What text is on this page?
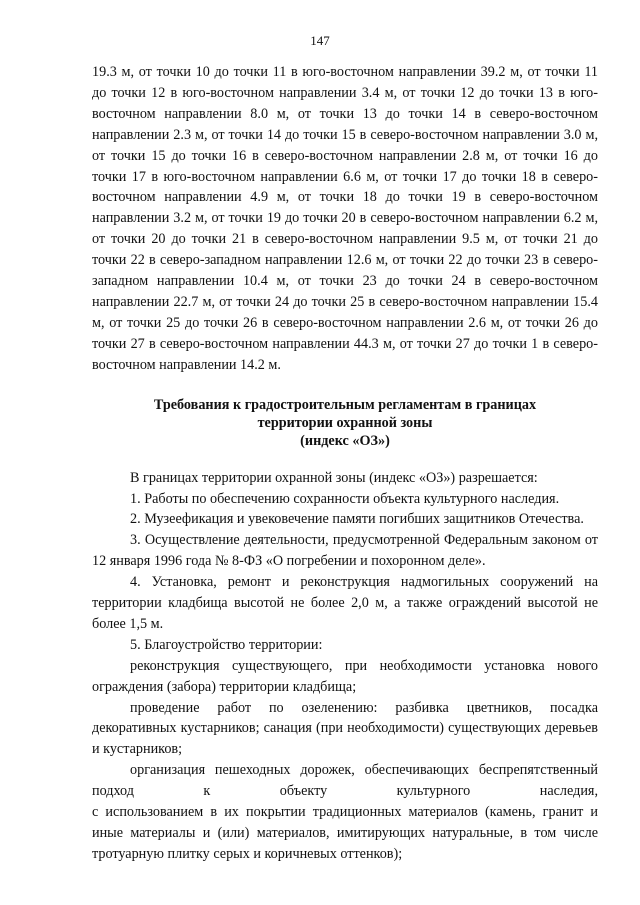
147

19.3 м, от точки 10 до точки 11 в юго-восточном направлении 39.2 м, от точки 11 до точки 12 в юго-восточном направлении 3.4 м, от точки 12 до точки 13 в юго-восточном направлении 8.0 м, от точки 13 до точки 14 в северо-восточном направлении 2.3 м, от точки 14 до точки 15 в северо-восточном направлении 3.0 м, от точки 15 до точки 16 в северо-восточном направлении 2.8 м, от точки 16 до точки 17 в юго-восточном направлении 6.6 м, от точки 17 до точки 18 в северо-восточном направлении 4.9 м, от точки 18 до точки 19 в северо-восточном направлении 3.2 м, от точки 19 до точки 20 в северо-восточном направлении 6.2 м, от точки 20 до точки 21 в северо-восточном направлении 9.5 м, от точки 21 до точки 22 в северо-западном направлении 12.6 м, от точки 22 до точки 23 в северо-западном направлении 10.4 м, от точки 23 до точки 24 в северо-восточном направлении 22.7 м, от точки 24 до точки 25 в северо-восточном направлении 15.4 м, от точки 25 до точки 26 в северо-восточном направлении 2.6 м, от точки 26 до точки 27 в северо-восточном направлении 44.3 м, от точки 27 до точки 1 в северо-восточном направлении 14.2 м.

Требования к градостроительным регламентам в границах
территории охранной зоны
(индекс «ОЗ»)

В границах территории охранной зоны (индекс «ОЗ») разрешается:

1. Работы по обеспечению сохранности объекта культурного наследия.

2. Музеефикация и увековечение памяти погибших защитников Отечества.

3. Осуществление деятельности, предусмотренной Федеральным законом от 12 января 1996 года № 8-ФЗ «О погребении и похоронном деле».

4. Установка, ремонт и реконструкция надмогильных сооружений на территории кладбища высотой не более 2,0 м, а также ограждений высотой не более 1,5 м.

5. Благоустройство территории:

реконструкция существующего, при необходимости установка нового ограждения (забора) территории кладбища;

проведение работ по озеленению: разбивка цветников, посадка декоративных кустарников; санация (при необходимости) существующих деревьев и кустарников;

организация пешеходных дорожек, обеспечивающих беспрепятственный подход к объекту культурного наследия,

с использованием в их покрытии традиционных материалов (камень, гранит и иные материалы и (или) материалов, имитирующих натуральные, в том числе тротуарную плитку серых и коричневых оттенков);
